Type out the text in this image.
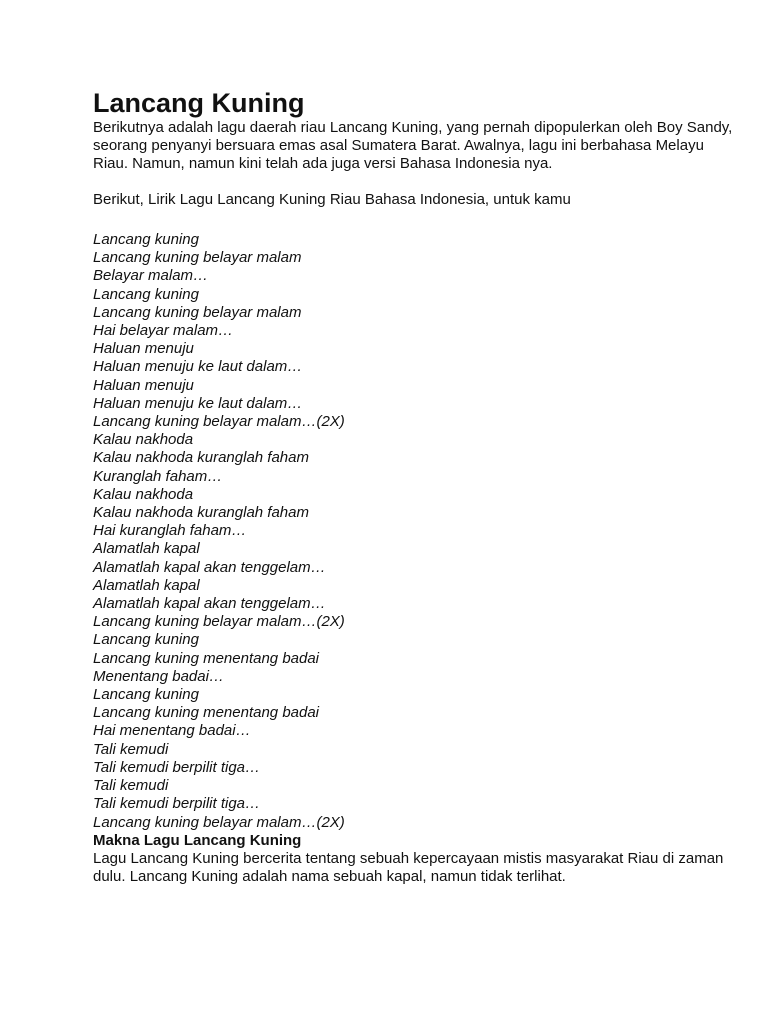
Lancang Kuning

Berikutnya adalah lagu daerah riau Lancang Kuning, yang pernah dipopulerkan oleh Boy Sandy, seorang penyanyi bersuara emas asal Sumatera Barat. Awalnya, lagu ini berbahasa Melayu Riau. Namun, namun kini telah ada juga versi Bahasa Indonesia nya.

Berikut, Lirik Lagu Lancang Kuning Riau Bahasa Indonesia, untuk kamu

Lancang kuning
Lancang kuning belayar malam
Belayar malam…
Lancang kuning
Lancang kuning belayar malam
Hai belayar malam…
Haluan menuju
Haluan menuju ke laut dalam…
Haluan menuju
Haluan menuju ke laut dalam…
Lancang kuning belayar malam…(2X)
Kalau nakhoda
Kalau nakhoda kuranglah faham
Kuranglah faham…
Kalau nakhoda
Kalau nakhoda kuranglah faham
Hai kuranglah faham…
Alamatlah kapal
Alamatlah kapal akan tenggelam…
Alamatlah kapal
Alamatlah kapal akan tenggelam…
Lancang kuning belayar malam…(2X)
Lancang kuning
Lancang kuning menentang badai
Menentang badai…
Lancang kuning
Lancang kuning menentang badai
Hai menentang badai…
Tali kemudi
Tali kemudi berpilit tiga…
Tali kemudi
Tali kemudi berpilit tiga…
Lancang kuning belayar malam…(2X)

Makna Lagu Lancang Kuning

Lagu Lancang Kuning bercerita tentang sebuah kepercayaan mistis masyarakat Riau di zaman dulu. Lancang Kuning adalah nama sebuah kapal, namun tidak terlihat.
